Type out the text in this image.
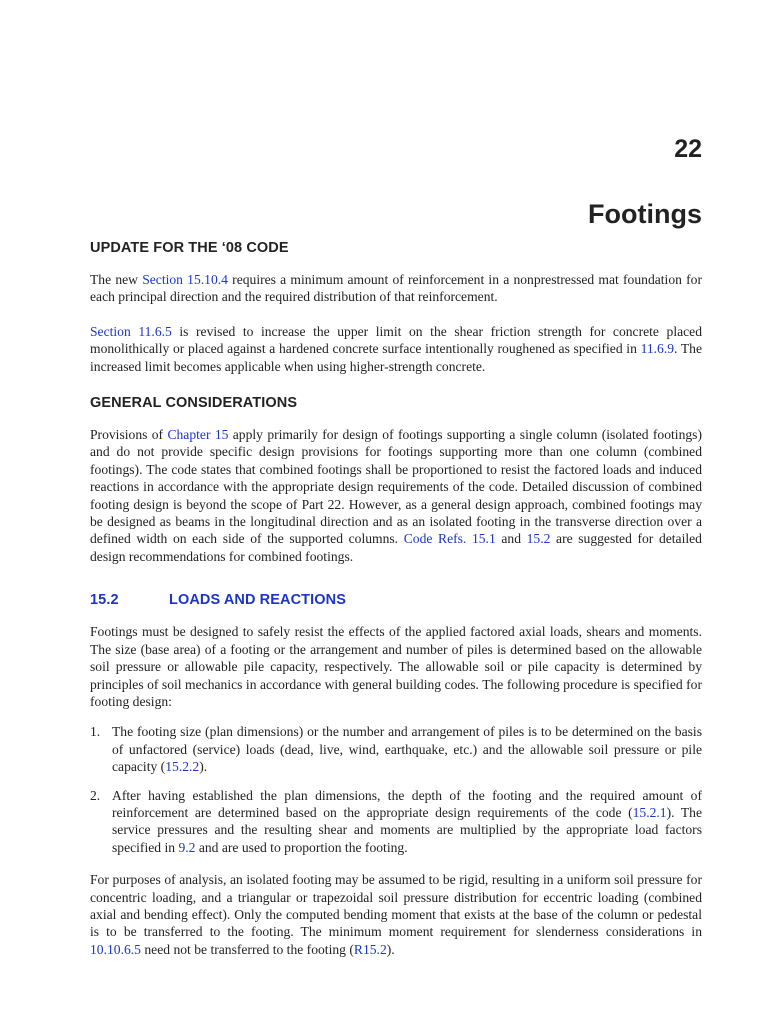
22
Footings
UPDATE FOR THE ‘08 CODE

The new Section 15.10.4 requires a minimum amount of reinforcement in a nonprestressed mat foundation for each principal direction and the required distribution of that reinforcement.

Section 11.6.5 is revised to increase the upper limit on the shear friction strength for concrete placed monolithically or placed against a hardened concrete surface intentionally roughened as specified in 11.6.9. The increased limit becomes applicable when using higher-strength concrete.

GENERAL CONSIDERATIONS

Provisions of Chapter 15 apply primarily for design of footings supporting a single column (isolated footings) and do not provide specific design provisions for footings supporting more than one column (combined footings). The code states that combined footings shall be proportioned to resist the factored loads and induced reactions in accordance with the appropriate design requirements of the code. Detailed discussion of combined footing design is beyond the scope of Part 22. However, as a general design approach, combined footings may be designed as beams in the longitudinal direction and as an isolated footing in the transverse direction over a defined width on each side of the supported columns. Code Refs. 15.1 and 15.2 are suggested for detailed design recommendations for combined footings.

15.2	LOADS AND REACTIONS

Footings must be designed to safely resist the effects of the applied factored axial loads, shears and moments. The size (base area) of a footing or the arrangement and number of piles is determined based on the allowable soil pressure or allowable pile capacity, respectively. The allowable soil or pile capacity is determined by principles of soil mechanics in accordance with general building codes. The following procedure is specified for footing design:

1. The footing size (plan dimensions) or the number and arrangement of piles is to be determined on the basis of unfactored (service) loads (dead, live, wind, earthquake, etc.) and the allowable soil pressure or pile capacity (15.2.2).
2. After having established the plan dimensions, the depth of the footing and the required amount of reinforcement are determined based on the appropriate design requirements of the code (15.2.1). The service pressures and the resulting shear and moments are multiplied by the appropriate load factors specified in 9.2 and are used to proportion the footing.

For purposes of analysis, an isolated footing may be assumed to be rigid, resulting in a uniform soil pressure for concentric loading, and a triangular or trapezoidal soil pressure distribution for eccentric loading (combined axial and bending effect). Only the computed bending moment that exists at the base of the column or pedestal is to be transferred to the footing. The minimum moment requirement for slenderness considerations in 10.10.6.5 need not be transferred to the footing (R15.2).
